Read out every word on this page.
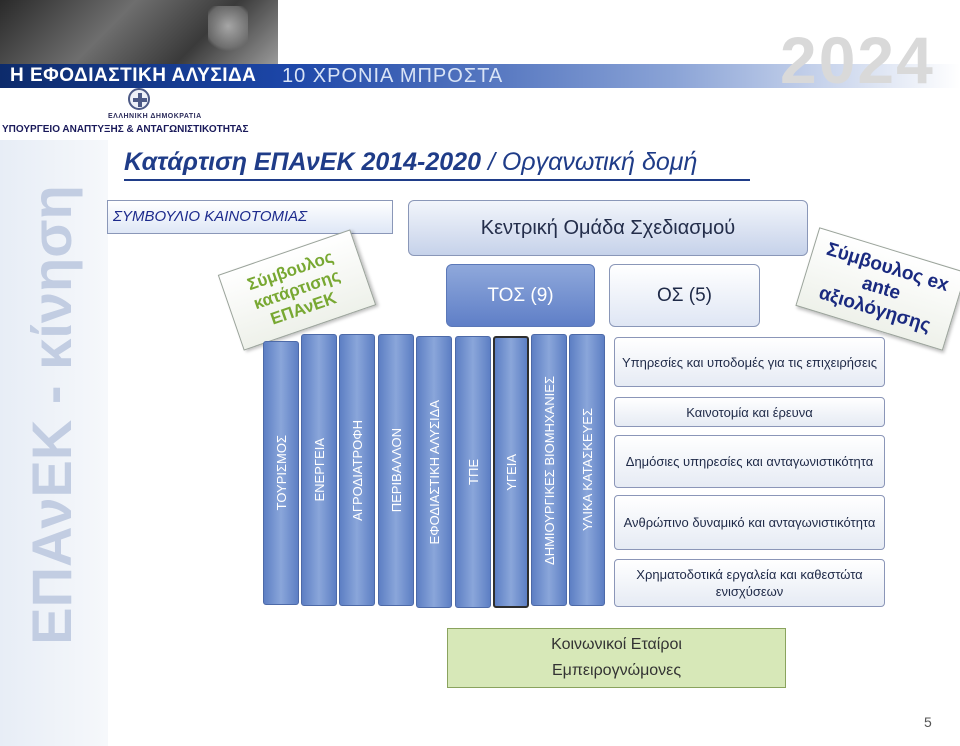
Η ΕΦΟΔΙΑΣΤΙΚΗ ΑΛΥΣΙΔΑ 10 ΧΡΟΝΙΑ ΜΠΡΟΣΤΑ	2024
ΕΛΛΗΝΙΚΗ ΔΗΜΟΚΡΑΤΙΑ
ΥΠΟΥΡΓΕΙΟ ΑΝΑΠΤΥΞΗΣ & ΑΝΤΑΓΩΝΙΣΤΙΚΟΤΗΤΑΣ
ΕΠΑνΕΚ - κίνηση
Κατάρτιση ΕΠΑνΕΚ 2014-2020 / Οργανωτική δομή
ΣΥΜΒΟΥΛΙΟ ΚΑΙΝΟΤΟΜΙΑΣ	Κεντρική Ομάδα Σχεδιασμού
ΤΟΣ (9)	ΟΣ (5)
Σύμβουλος κατάρτισης ΕΠΑνΕΚ
Σύμβουλος ex ante αξιολόγησης
ΤΟΥΡΙΣΜΟΣ ΕΝΕΡΓΕΙΑ ΑΓΡΟΔΙΑΤΡΟΦΗ ΠΕΡΙΒΑΛΛΟΝ ΕΦΟΔΙΑΣΤΙΚΗ ΑΛΥΣΙΔΑ ΤΠΕ ΥΓΕΙΑ ΔΗΜΙΟΥΡΓΙΚΕΣ ΒΙΟΜΗΧΑΝΙΕΣ ΥΛΙΚΑ ΚΑΤΑΣΚΕΥΕΣ
Υπηρεσίες και υποδομές για τις επιχειρήσεις
Καινοτομία και έρευνα
Δημόσιες υπηρεσίες και ανταγωνιστικότητα
Ανθρώπινο δυναμικό και ανταγωνιστικότητα
Χρηματοδοτικά εργαλεία και καθεστώτα ενισχύσεων
Κοινωνικοί Εταίροι
Εμπειρογνώμονες
5
